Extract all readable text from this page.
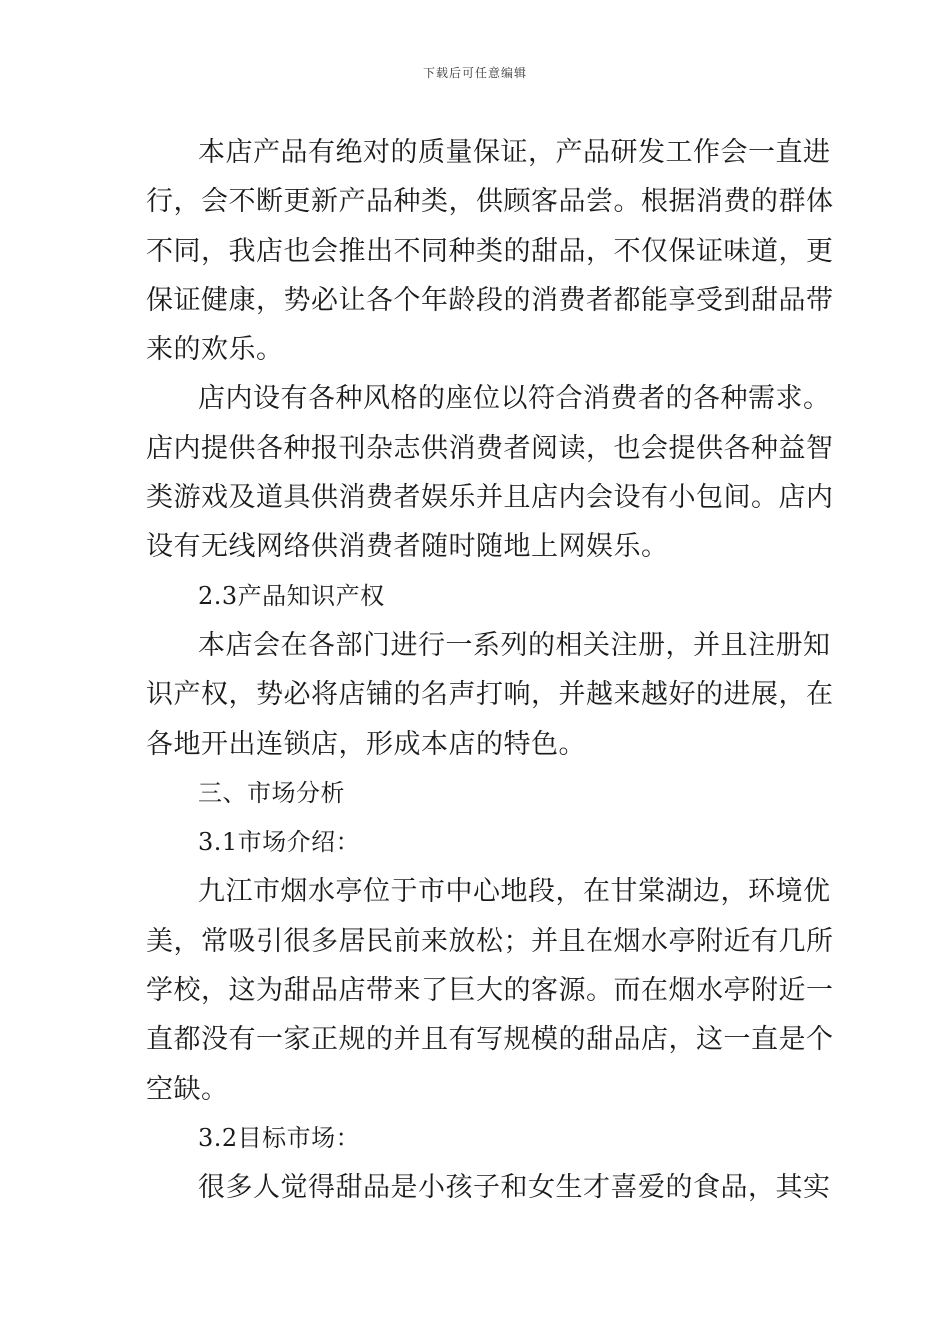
下载后可任意编辑
本店产品有绝对的质量保证，产品研发工作会一直进
行，会不断更新产品种类，供顾客品尝。根据消费的群体
不同，我店也会推出不同种类的甜品，不仅保证味道，更
保证健康，势必让各个年龄段的消费者都能享受到甜品带
来的欢乐。
店内设有各种风格的座位以符合消费者的各种需求。
店内提供各种报刊杂志供消费者阅读，也会提供各种益智
类游戏及道具供消费者娱乐并且店内会设有小包间。店内
设有无线网络供消费者随时随地上网娱乐。
2.3产品知识产权
本店会在各部门进行一系列的相关注册，并且注册知
识产权，势必将店铺的名声打响，并越来越好的进展，在
各地开出连锁店，形成本店的特色。
三、市场分析
3.1市场介绍：
九江市烟水亭位于市中心地段，在甘棠湖边，环境优
美，常吸引很多居民前来放松；并且在烟水亭附近有几所
学校，这为甜品店带来了巨大的客源。而在烟水亭附近一
直都没有一家正规的并且有写规模的甜品店，这一直是个
空缺。
3.2目标市场：
很多人觉得甜品是小孩子和女生才喜爱的食品，其实
